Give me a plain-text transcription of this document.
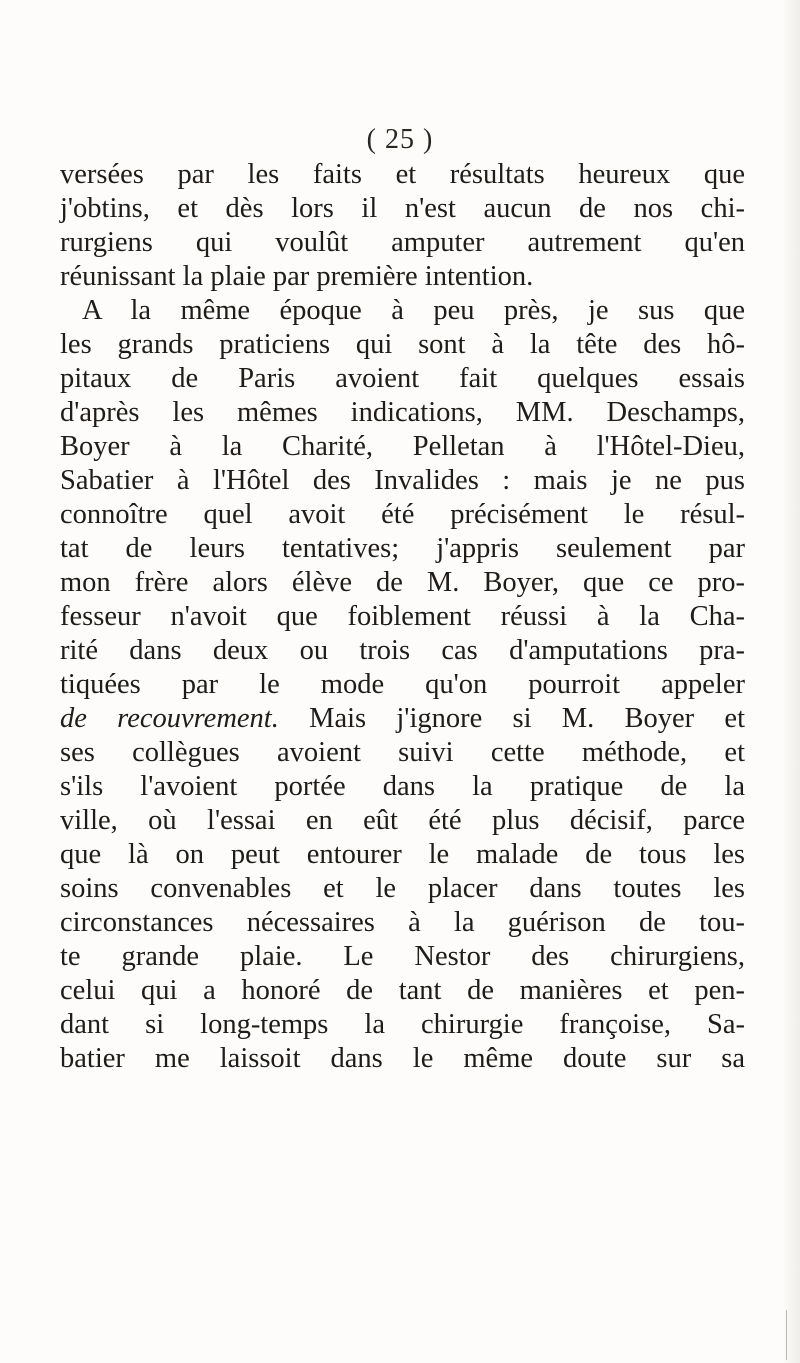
( 25 )
versées par les faits et résultats heureux que
j'obtins, et dès lors il n'est aucun de nos chi-
rurgiens qui voulût amputer autrement qu'en
réunissant la plaie par première intention.
A la même époque à peu près, je sus que
les grands praticiens qui sont à la tête des hô-
pitaux de Paris avoient fait quelques essais
d'après les mêmes indications, MM. Deschamps,
Boyer à la Charité, Pelletan à l'Hôtel-Dieu,
Sabatier à l'Hôtel des Invalides : mais je ne pus
connoître quel avoit été précisément le résul-
tat de leurs tentatives; j'appris seulement par
mon frère alors élève de M. Boyer, que ce pro-
fesseur n'avoit que foiblement réussi à la Cha-
rité dans deux ou trois cas d'amputations pra-
tiquées par le mode qu'on pourroit appeler
de recouvrement. Mais j'ignore si M. Boyer et
ses collègues avoient suivi cette méthode, et
s'ils l'avoient portée dans la pratique de la
ville, où l'essai en eût été plus décisif, parce
que là on peut entourer le malade de tous les
soins convenables et le placer dans toutes les
circonstances nécessaires à la guérison de tou-
te grande plaie. Le Nestor des chirurgiens,
celui qui a honoré de tant de manières et pen-
dant si long-temps la chirurgie françoise, Sa-
batier me laissoit dans le même doute sur sa
